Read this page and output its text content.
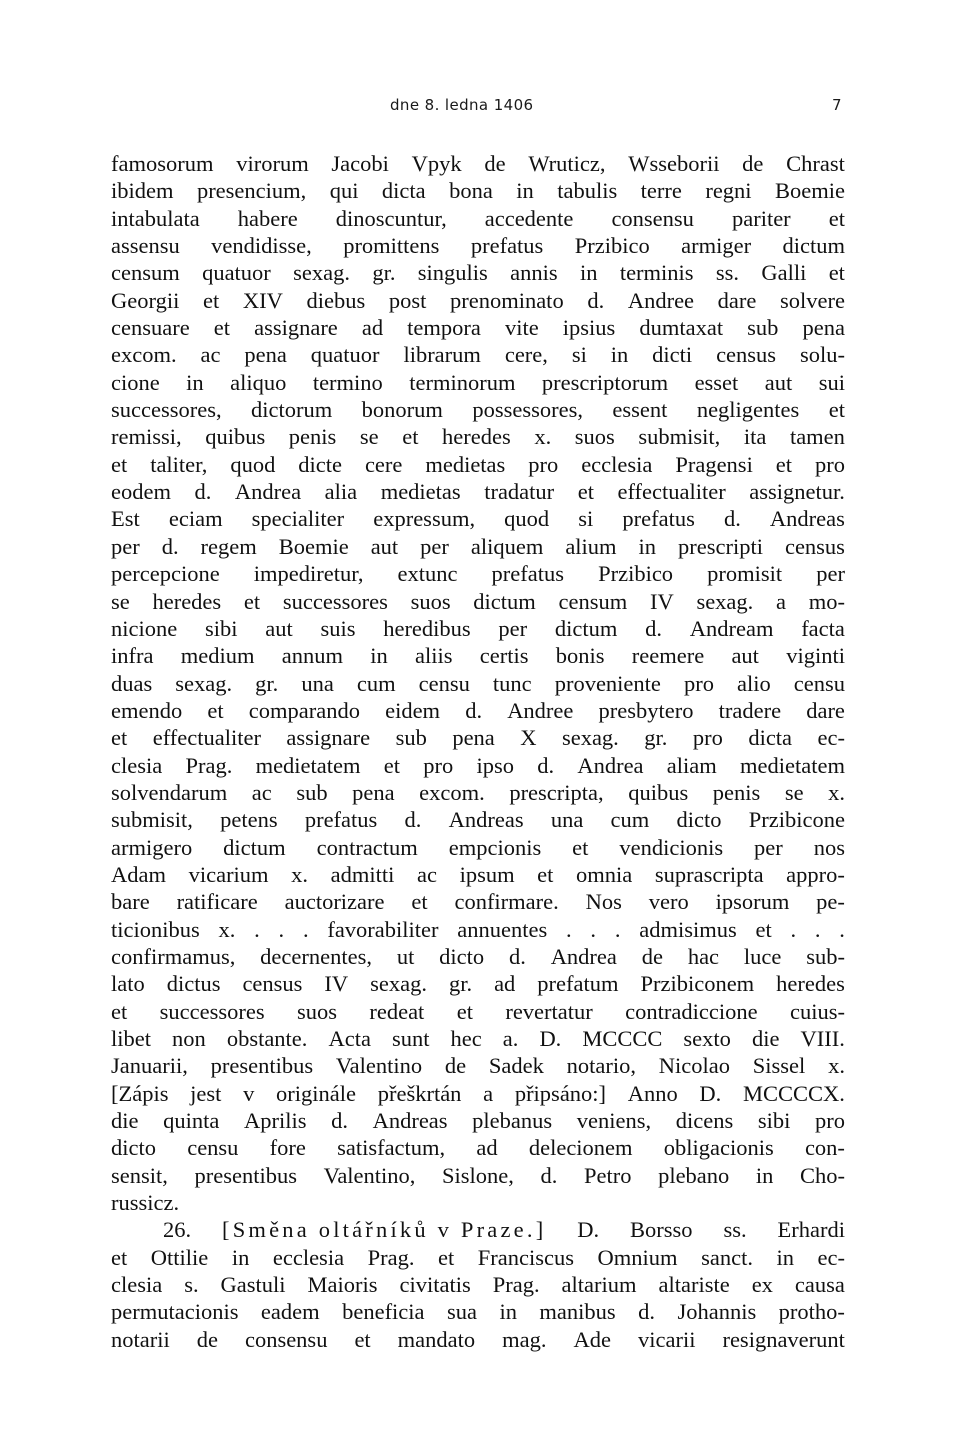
dne 8. ledna 1406	7
famosorum virorum Jacobi Vpyk de Wruticz, Wsseborii de Chrast
ibidem presencium, qui dicta bona in tabulis terre regni Boemie
intabulata habere dinoscuntur, accedente consensu pariter et
assensu vendidisse, promittens prefatus Przibico armiger dictum
censum quatuor sexag. gr. singulis annis in terminis ss. Galli et
Georgii et XIV diebus post prenominato d. Andree dare solvere
censuare et assignare ad tempora vite ipsius dumtaxat sub pena
excom. ac pena quatuor librarum cere, si in dicti census solu-
cione in aliquo termino terminorum prescriptorum esset aut sui
successores, dictorum bonorum possessores, essent negligentes et
remissi, quibus penis se et heredes x. suos submisit, ita tamen
et taliter, quod dicte cere medietas pro ecclesia Pragensi et pro
eodem d. Andrea alia medietas tradatur et effectualiter assignetur.
Est eciam specialiter expressum, quod si prefatus d. Andreas
per d. regem Boemie aut per aliquem alium in prescripti census
percepcione impediretur, extunc prefatus Przibico promisit per
se heredes et successores suos dictum censum IV sexag. a mo-
nicione sibi aut suis heredibus per dictum d. Andream facta
infra medium annum in aliis certis bonis reemere aut viginti
duas sexag. gr. una cum censu tunc proveniente pro alio censu
emendo et comparando eidem d. Andree presbytero tradere dare
et effectualiter assignare sub pena X sexag. gr. pro dicta ec-
clesia Prag. medietatem et pro ipso d. Andrea aliam medietatem
solvendarum ac sub pena excom. prescripta, quibus penis se x.
submisit, petens prefatus d. Andreas una cum dicto Przibicone
armigero dictum contractum empcionis et vendicionis per nos
Adam vicarium x. admitti ac ipsum et omnia suprascripta appro-
bare ratificare auctorizare et confirmare. Nos vero ipsorum pe-
ticionibus x. . . . favorabiliter annuentes . . . admisimus et . . .
confirmamus, decernentes, ut dicto d. Andrea de hac luce sub-
lato dictus census IV sexag. gr. ad prefatum Przibiconem heredes
et successores suos redeat et revertatur contradiccione cuius-
libet non obstante. Acta sunt hec a. D. MCCCC sexto die VIII.
Januarii, presentibus Valentino de Sadek notario, Nicolao Sissel x.
[Zápis jest v originále přeškrtán a připsáno:] Anno D. MCCCCX.
die quinta Aprilis d. Andreas plebanus veniens, dicens sibi pro
dicto censu fore satisfactum, ad delecionem obligacionis con-
sensit, presentibus Valentino, Sislone, d. Petro plebano in Cho-
russicz.
26. [Směna oltářníků v Praze.] D. Borsso ss. Erhardi
et Ottilie in ecclesia Prag. et Franciscus Omnium sanct. in ec-
clesia s. Gastuli Maioris civitatis Prag. altarium altariste ex causa
permutacionis eadem beneficia sua in manibus d. Johannis protho-
notarii de consensu et mandato mag. Ade vicarii resignaverunt
